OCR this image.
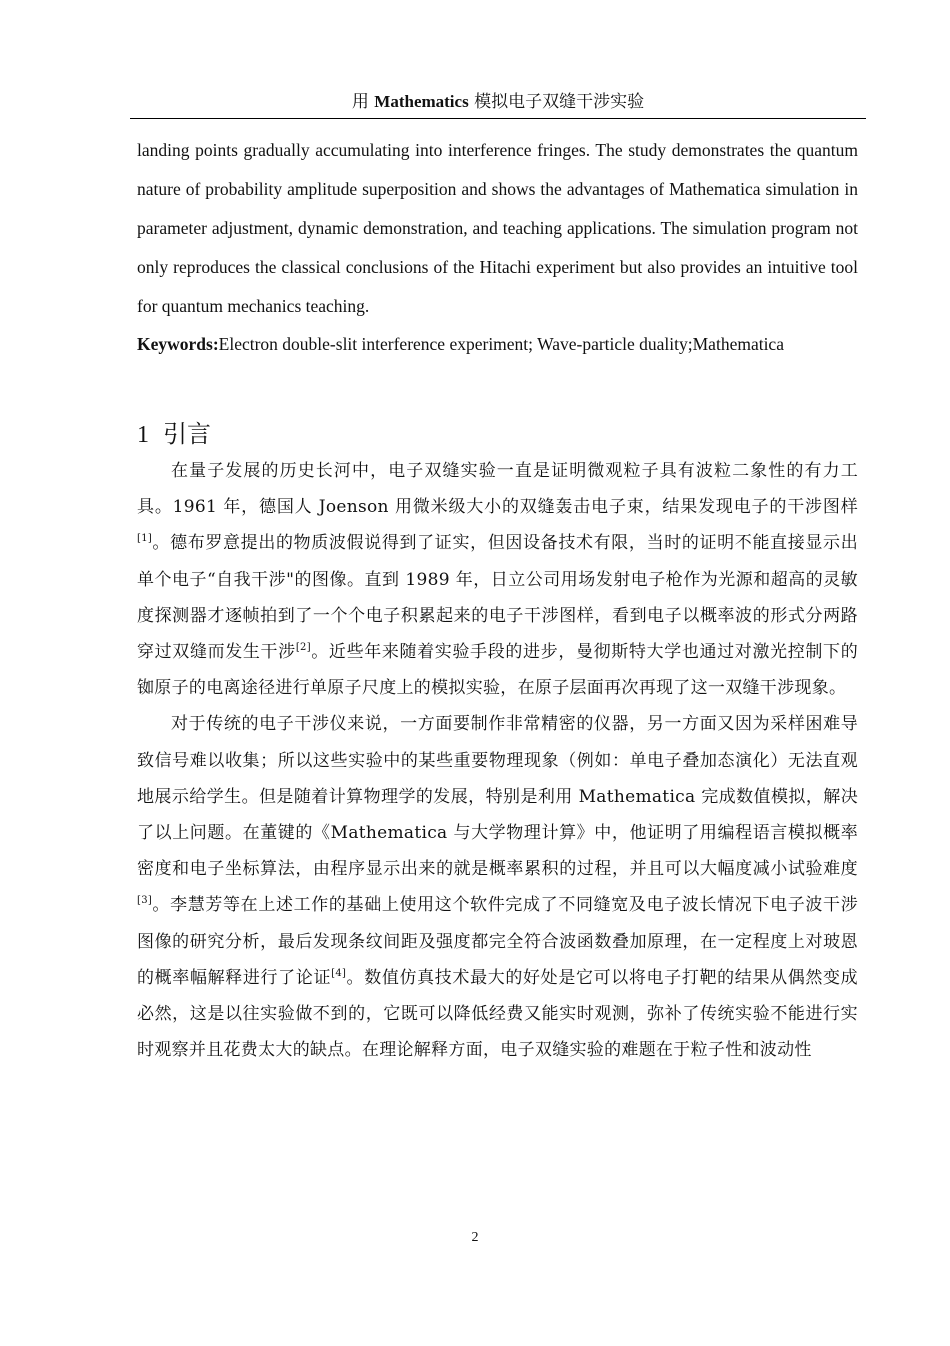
用 Mathematics 模拟电子双缝干涉实验

landing points gradually accumulating into interference fringes. The study demonstrates the quantum nature of probability amplitude superposition and shows the advantages of Mathematica simulation in parameter adjustment, dynamic demonstration, and teaching applications. The simulation program not only reproduces the classical conclusions of the Hitachi experiment but also provides an intuitive tool for quantum mechanics teaching.

Keywords:Electron double-slit interference experiment; Wave-particle duality;Mathematica
1 引言

在量子发展的历史长河中，电子双缝实验一直是证明微观粒子具有波粒二象性的有力工具。1961 年，德国人 Joenson 用微米级大小的双缝轰击电子束，结果发现电子的干涉图样[1]。德布罗意提出的物质波假说得到了证实，但因设备技术有限，当时的证明不能直接显示出单个电子“自我干涉"的图像。直到 1989 年，日立公司用场发射电子枪作为光源和超高的灵敏度探测器才逐帧拍到了一个个电子积累起来的电子干涉图样，看到电子以概率波的形式分两路穿过双缝而发生干涉[2]。近些年来随着实验手段的进步，曼彻斯特大学也通过对激光控制下的铷原子的电离途径进行单原子尺度上的模拟实验，在原子层面再次再现了这一双缝干涉现象。

对于传统的电子干涉仪来说，一方面要制作非常精密的仪器，另一方面又因为采样困难导致信号难以收集；所以这些实验中的某些重要物理现象（例如：单电子叠加态演化）无法直观地展示给学生。但是随着计算物理学的发展，特别是利用 Mathematica 完成数值模拟，解决了以上问题。在董键的《Mathematica 与大学物理计算》中，他证明了用编程语言模拟概率密度和电子坐标算法，由程序显示出来的就是概率累积的过程，并且可以大幅度减小试验难度[3]。李慧芳等在上述工作的基础上使用这个软件完成了不同缝宽及电子波长情况下电子波干涉图像的研究分析，最后发现条纹间距及强度都完全符合波函数叠加原理，在一定程度上对玻恩的概率幅解释进行了论证[4]。数值仿真技术最大的好处是它可以将电子打靶的结果从偶然变成必然，这是以往实验做不到的，它既可以降低经费又能实时观测，弥补了传统实验不能进行实时观察并且花费太大的缺点。在理论解释方面，电子双缝实验的难题在于粒子性和波动性

2
